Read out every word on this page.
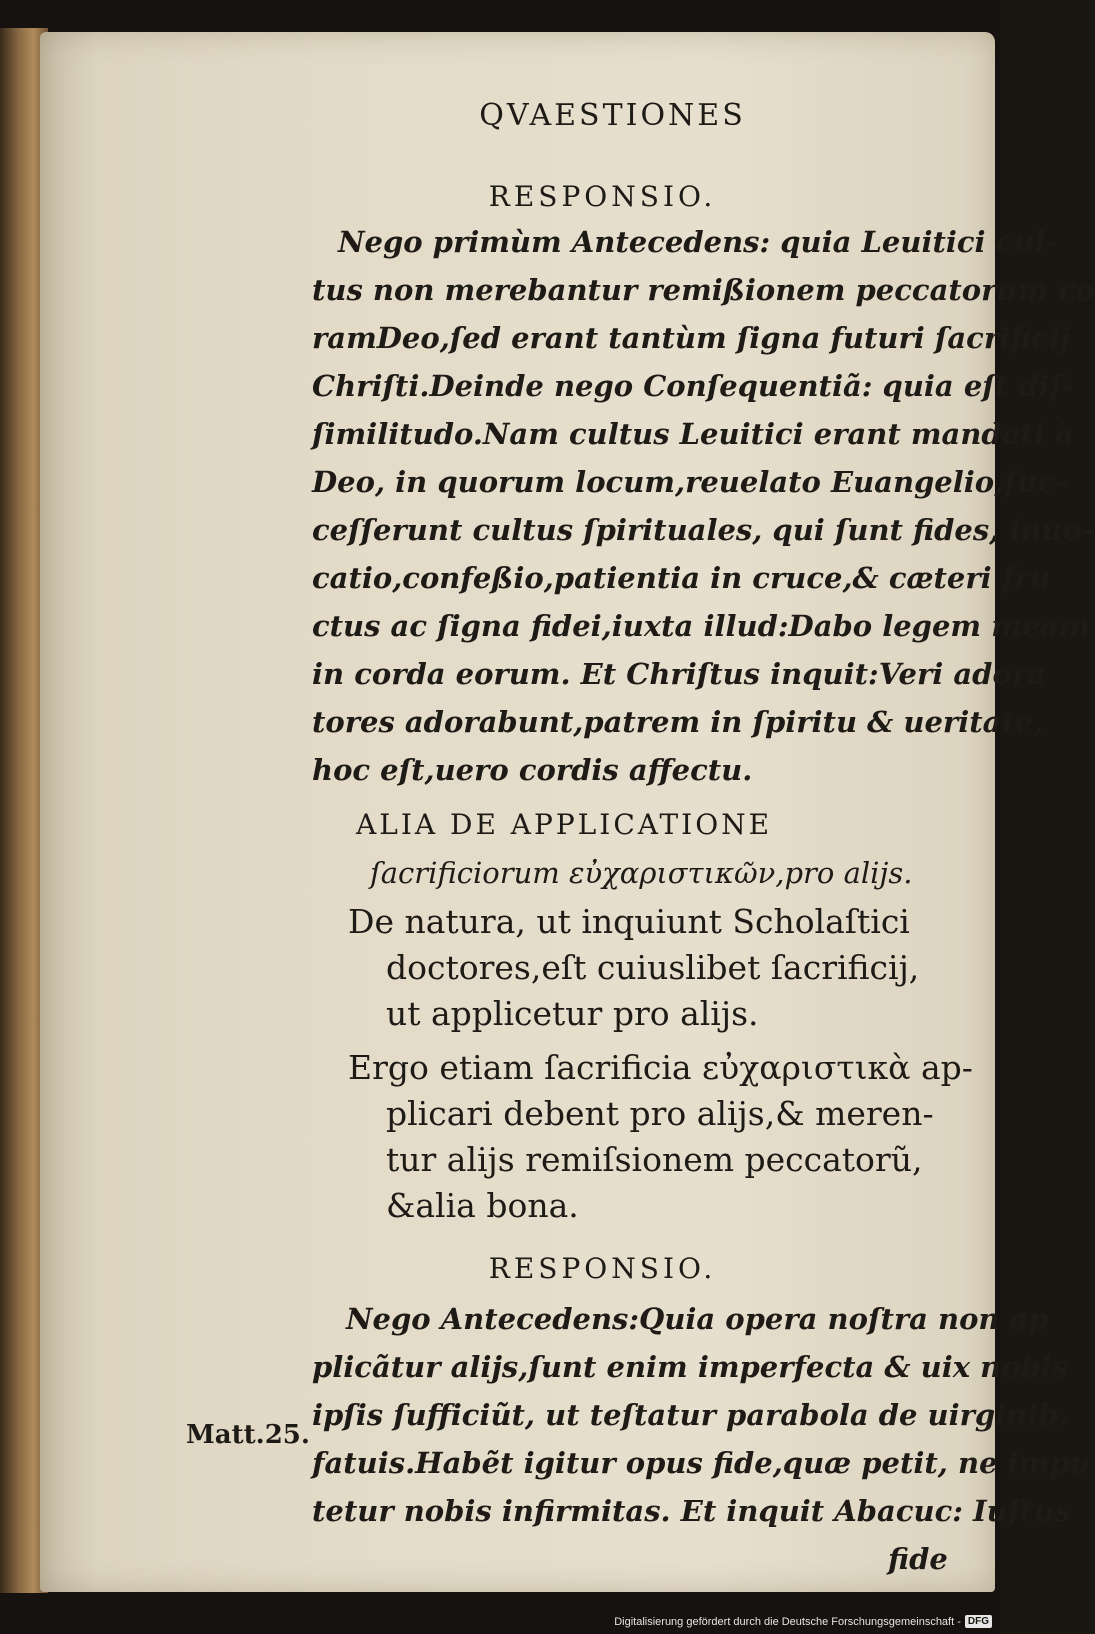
QVAESTIONES
RESPONSIO.
Nego primùm Antecedens: quia Leuitici cul-
tus non merebantur remißionem peccatorum co
ramDeo,ſed erant tantùm ſigna futuri ſacrificij
Chriſti.Deinde nego Conſequentiã: quia eſt diſ-
ſimilitudo.Nam cultus Leuitici erant mandati à
Deo, in quorum locum,reuelato Euangelio,ſuc-
ceſſerunt cultus ſpirituales, qui ſunt fides, inuo-
catio,confeßio,patientia in cruce,& cæteri fru
ctus ac ſigna fidei,iuxta illud:Dabo legem meam
in corda eorum. Et Chriſtus inquit:Veri adora
tores adorabunt,patrem in ſpiritu & ueritate,
hoc eſt,uero cordis affectu.
ALIA DE APPLICATIONE
ſacrificiorum εὐχαριστικῶν,pro alijs.
De natura, ut inquiunt Scholaſtici
doctores,eſt cuiuslibet ſacrificij,
ut applicetur pro alijs.
Ergo etiam ſacrificia εὐχαριστικὰ ap-
plicari debent pro alijs,& meren-
tur alijs remiſsionem peccatorũ,
&alia bona.
RESPONSIO.
Nego Antecedens:Quia opera noſtra non ap
plicãtur alijs,ſunt enim imperfecta & uix nobis
ipſis ſufficiũt, ut teſtatur parabola de uirginib.
Matt.25.
fatuis.Habẽt igitur opus fide,quæ petit, ne impu
tetur nobis infirmitas. Et inquit Abacuc: Iuſtus
fide
Digitalisierung gefördert durch die Deutsche Forschungsgemeinschaft - DFG
